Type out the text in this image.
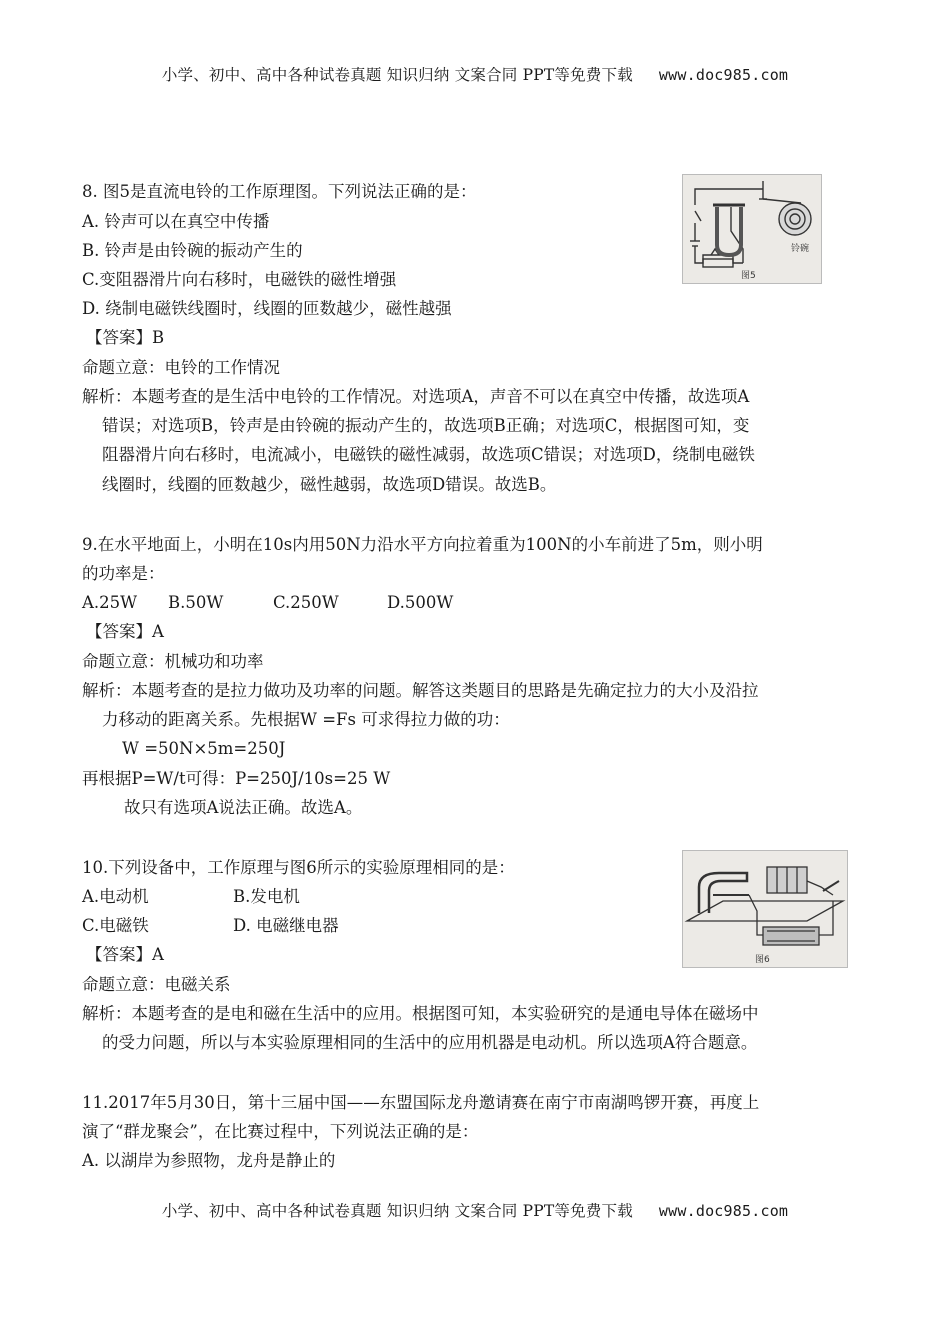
小学、初中、高中各种试卷真题 知识归纳 文案合同 PPT等免费下载 www.doc985.com
8. 图5是直流电铃的工作原理图。下列说法正确的是：
A. 铃声可以在真空中传播
B. 铃声是由铃碗的振动产生的
C.变阻器滑片向右移时，电磁铁的磁性增强
D. 绕制电磁铁线圈时，线圈的匝数越少，磁性越强
【答案】B
命题立意：电铃的工作情况
解析：本题考查的是生活中电铃的工作情况。对选项A，声音不可以在真空中传播，故选项A
错误；对选项B，铃声是由铃碗的振动产生的，故选项B正确；对选项C，根据图可知，变
阻器滑片向右移时，电流减小，电磁铁的磁性减弱，故选项C错误；对选项D，绕制电磁铁
线圈时，线圈的匝数越少，磁性越弱，故选项D错误。故选B。
铃碗
图5
9.在水平地面上，小明在10s内用50N力沿水平方向拉着重为100N的小车前进了5m，则小明
的功率是：
A.25W B.50W	C.250W	D.500W
【答案】A
命题立意：机械功和功率
解析：本题考查的是拉力做功及功率的问题。解答这类题目的思路是先确定拉力的大小及沿拉
力移动的距离关系。先根据W =Fs 可求得拉力做的功：
W =50N×5m=250J
再根据P=W/t可得：P=250J/10s=25 W
故只有选项A说法正确。故选A。
10.下列设备中，工作原理与图6所示的实验原理相同的是：
A.电动机	B.发电机
C.电磁铁	D. 电磁继电器
【答案】A
命题立意：电磁关系
解析：本题考查的是电和磁在生活中的应用。根据图可知，本实验研究的是通电导体在磁场中
的受力问题，所以与本实验原理相同的生活中的应用机器是电动机。所以选项A符合题意。
图6
11.2017年5月30日，第十三届中国——东盟国际龙舟邀请赛在南宁市南湖鸣锣开赛，再度上
演了“群龙聚会”，在比赛过程中，下列说法正确的是：
A. 以湖岸为参照物，龙舟是静止的
小学、初中、高中各种试卷真题 知识归纳 文案合同 PPT等免费下载 www.doc985.com
